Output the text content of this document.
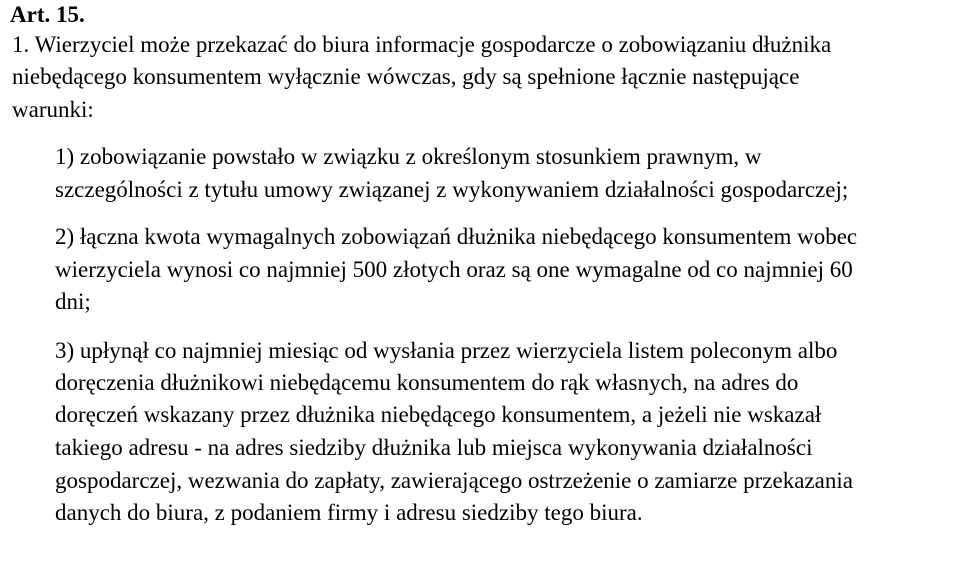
Art. 15.
1. Wierzyciel może przekazać do biura informacje gospodarcze o zobowiązaniu dłużnika
niebędącego konsumentem wyłącznie wówczas, gdy są spełnione łącznie następujące
warunki:
1) zobowiązanie powstało w związku z określonym stosunkiem prawnym, w
szczególności z tytułu umowy związanej z wykonywaniem działalności gospodarczej;
2) łączna kwota wymagalnych zobowiązań dłużnika niebędącego konsumentem wobec
wierzyciela wynosi co najmniej 500 złotych oraz są one wymagalne od co najmniej 60
dni;
3) upłynął co najmniej miesiąc od wysłania przez wierzyciela listem poleconym albo
doręczenia dłużnikowi niebędącemu konsumentem do rąk własnych, na adres do
doręczeń wskazany przez dłużnika niebędącego konsumentem, a jeżeli nie wskazał
takiego adresu - na adres siedziby dłużnika lub miejsca wykonywania działalności
gospodarczej, wezwania do zapłaty, zawierającego ostrzeżenie o zamiarze przekazania
danych do biura, z podaniem firmy i adresu siedziby tego biura.
